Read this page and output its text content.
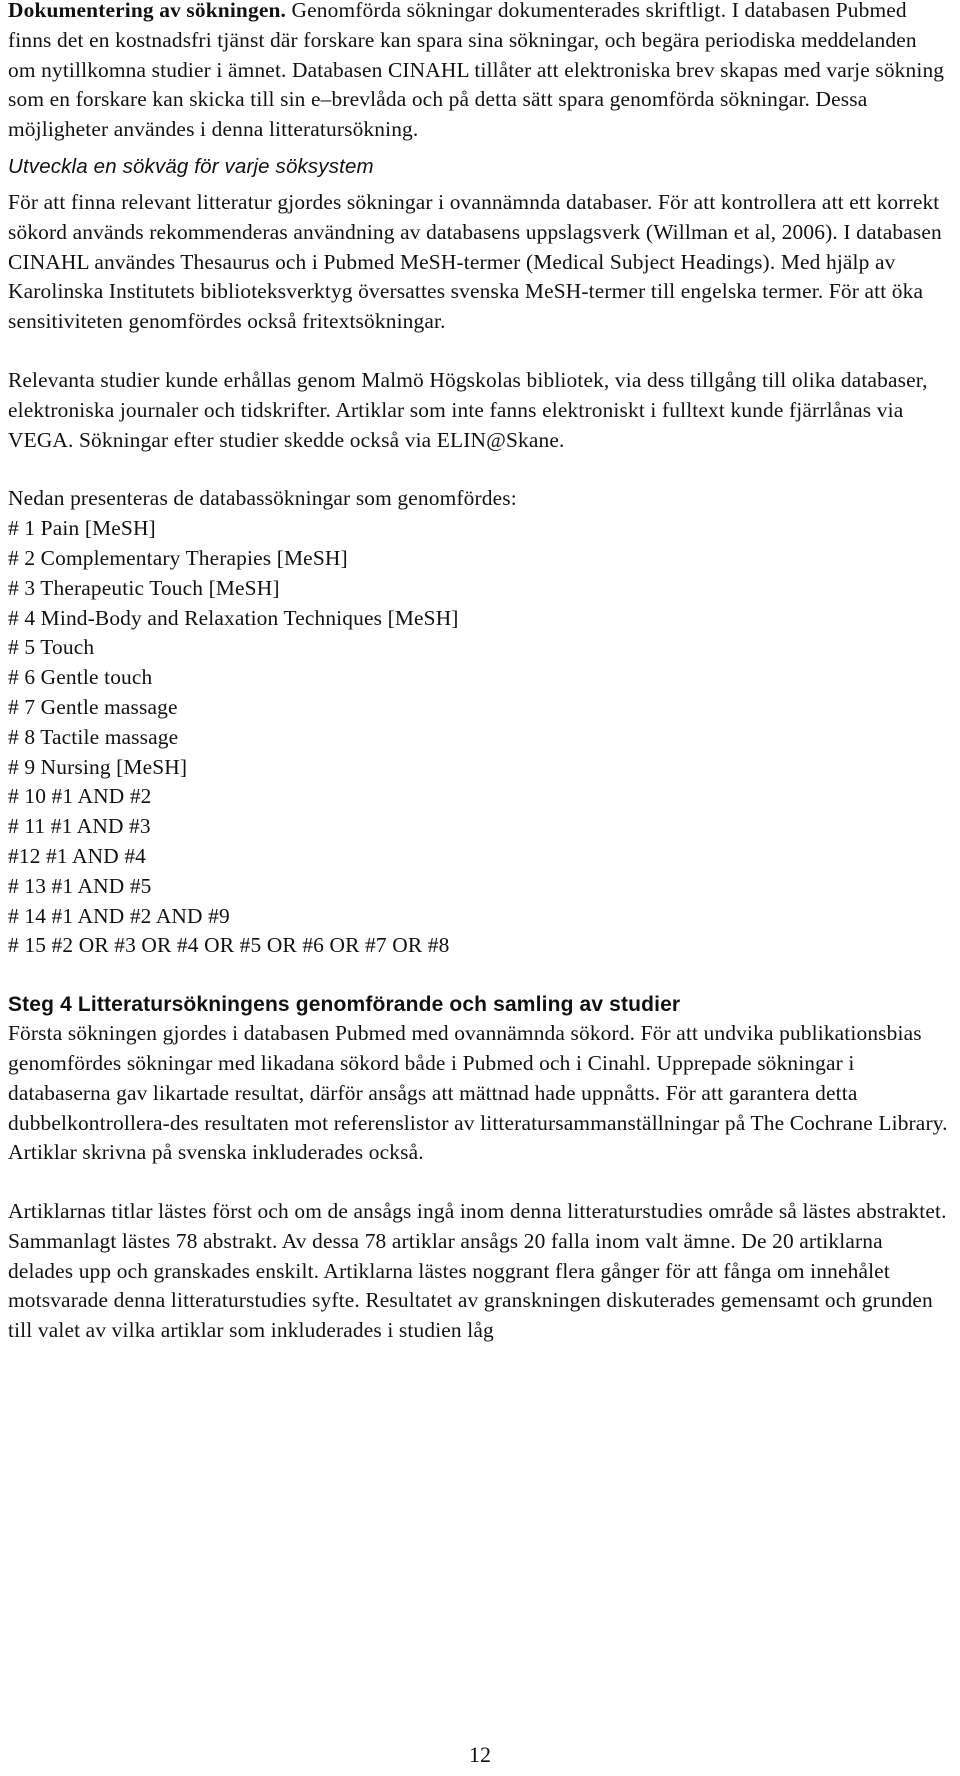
Dokumentering av sökningen. Genomförda sökningar dokumenterades skriftligt. I databasen Pubmed finns det en kostnadsfri tjänst där forskare kan spara sina sökningar, och begära periodiska meddelanden om nytillkomna studier i ämnet. Databasen CINAHL tillåter att elektroniska brev skapas med varje sökning som en forskare kan skicka till sin e–brevlåda och på detta sätt spara genomförda sökningar. Dessa möjligheter användes i denna litteratursökning.

Utveckla en sökväg för varje söksystem

För att finna relevant litteratur gjordes sökningar i ovannämnda databaser. För att kontrollera att ett korrekt sökord används rekommenderas användning av databasens uppslagsverk (Willman et al, 2006). I databasen CINAHL användes Thesaurus och i Pubmed MeSH-termer (Medical Subject Headings). Med hjälp av Karolinska Institutets biblioteksverktyg översattes svenska MeSH-termer till engelska termer. För att öka sensitiviteten genomfördes också fritextsökningar.

Relevanta studier kunde erhållas genom Malmö Högskolas bibliotek, via dess tillgång till olika databaser, elektroniska journaler och tidskrifter. Artiklar som inte fanns elektroniskt i fulltext kunde fjärrlånas via VEGA. Sökningar efter studier skedde också via ELIN@Skane.

Nedan presenteras de databassökningar som genomfördes:

# 1 Pain [MeSH]
# 2 Complementary Therapies [MeSH]
# 3 Therapeutic Touch [MeSH]
# 4 Mind-Body and Relaxation Techniques [MeSH]
# 5 Touch
# 6 Gentle touch
# 7 Gentle massage
# 8 Tactile massage
# 9 Nursing [MeSH]
# 10 #1 AND #2
# 11 #1 AND #3
#12 #1 AND #4
# 13 #1 AND #5
# 14 #1 AND #2 AND #9
# 15 #2 OR #3 OR #4 OR #5 OR #6 OR #7 OR #8
Steg 4 Litteratursökningens genomförande och samling av studier

Första sökningen gjordes i databasen Pubmed med ovannämnda sökord. För att undvika publikationsbias genomfördes sökningar med likadana sökord både i Pubmed och i Cinahl. Upprepade sökningar i databaserna gav likartade resultat, därför ansågs att mättnad hade uppnåtts. För att garantera detta dubbelkontrollera-des resultaten mot referenslistor av litteratursammanställningar på The Cochrane Library. Artiklar skrivna på svenska inkluderades också.

Artiklarnas titlar lästes först och om de ansågs ingå inom denna litteraturstudies område så lästes abstraktet. Sammanlagt lästes 78 abstrakt. Av dessa 78 artiklar ansågs 20 falla inom valt ämne. De 20 artiklarna delades upp och granskades enskilt. Artiklarna lästes noggrant flera gånger för att fånga om innehålet motsvarade denna litteraturstudies syfte. Resultatet av granskningen diskuterades gemensamt och grunden till valet av vilka artiklar som inkluderades i studien låg

12
